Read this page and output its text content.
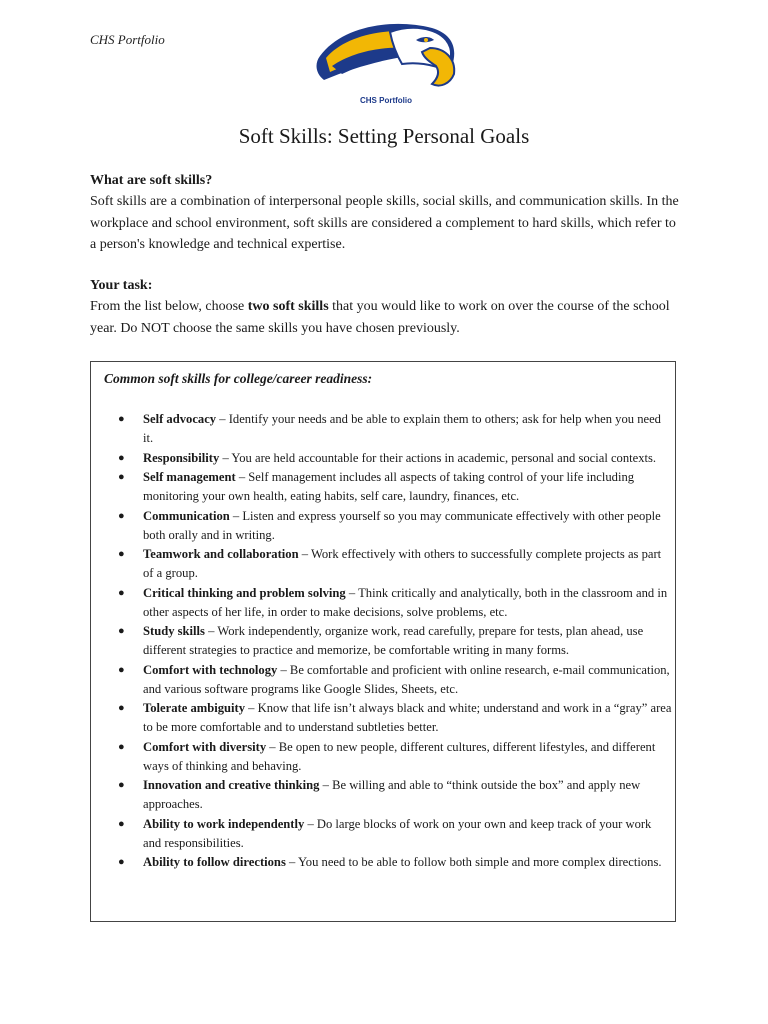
CHS Portfolio
CHS Portfolio
Soft Skills: Setting Personal Goals
What are soft skills?

Soft skills are a combination of interpersonal people skills, social skills, and communication skills. In the workplace and school environment, soft skills are considered a complement to hard skills, which refer to a person's knowledge and technical expertise.

Your task:

From the list below, choose two soft skills that you would like to work on over the course of the school year. Do NOT choose the same skills you have chosen previously.

Common soft skills for college/career readiness:
● Self advocacy – Identify your needs and be able to explain them to others; ask for help when you need it.
● Responsibility – You are held accountable for their actions in academic, personal and social contexts.
● Self management – Self management includes all aspects of taking control of your life including monitoring your own health, eating habits, self care, laundry, finances, etc.
● Communication – Listen and express yourself so you may communicate effectively with other people both orally and in writing.
● Teamwork and collaboration – Work effectively with others to successfully complete projects as part of a group.
● Critical thinking and problem solving – Think critically and analytically, both in the classroom and in other aspects of her life, in order to make decisions, solve problems, etc.
● Study skills – Work independently, organize work, read carefully, prepare for tests, plan ahead, use different strategies to practice and memorize, be comfortable writing in many forms.
● Comfort with technology – Be comfortable and proficient with online research, e-mail communication, and various software programs like Google Slides, Sheets, etc.
● Tolerate ambiguity – Know that life isn’t always black and white; understand and work in a “gray” area to be more comfortable and to understand subtleties better.
● Comfort with diversity – Be open to new people, different cultures, different lifestyles, and different ways of thinking and behaving.
● Innovation and creative thinking – Be willing and able to “think outside the box” and apply new approaches.
● Ability to work independently – Do large blocks of work on your own and keep track of your work and responsibilities.
● Ability to follow directions – You need to be able to follow both simple and more complex directions.
